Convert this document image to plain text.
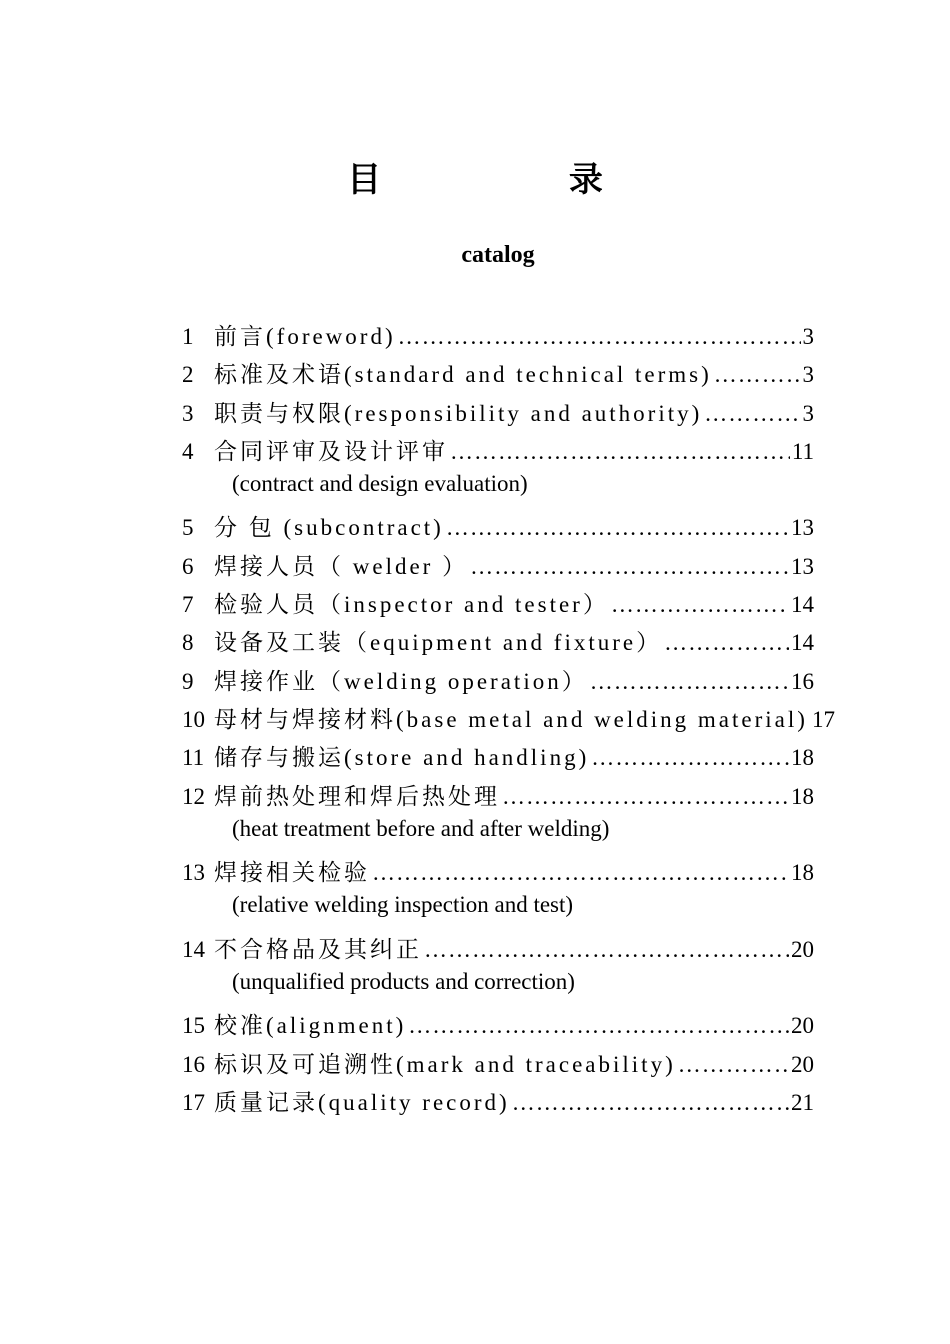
目 录
catalog
1 前言(foreword) ……………………………………………………………………………………………………………………………………	3
2 标准及术语(standard and technical terms) ……………………………………………………………………………………………………………………………………	3
3 职责与权限(responsibility and authority) ……………………………………………………………………………………………………………………………………	3
4 合同评审及设计评审 ……………………………………………………………………………………………………………………………………	11
(contract and design evaluation)
5 分 包 (subcontract) ……………………………………………………………………………………………………………………………………	13
6 焊接人员（ welder ） ……………………………………………………………………………………………………………………………………	13
7 检验人员（inspector and tester） ……………………………………………………………………………………………………………………………………	14
8 设备及工装（equipment and fixture） ……………………………………………………………………………………………………………………………………	14
9 焊接作业（welding operation） ……………………………………………………………………………………………………………………………………	16
10 母材与焊接材料(base metal and welding material) 17
11 储存与搬运(store and handling) ……………………………………………………………………………………………………………………………………	18
12 焊前热处理和焊后热处理 ……………………………………………………………………………………………………………………………………	18
(heat treatment before and after welding)
13 焊接相关检验 ……………………………………………………………………………………………………………………………………	18
(relative welding inspection and test)
14 不合格品及其纠正 ……………………………………………………………………………………………………………………………………	20
(unqualified products and correction)
15 校准(alignment) ……………………………………………………………………………………………………………………………………	20
16 标识及可追溯性(mark and traceability) ……………………………………………………………………………………………………………………………………	20
17 质量记录(quality record) ……………………………………………………………………………………………………………………………………	21
